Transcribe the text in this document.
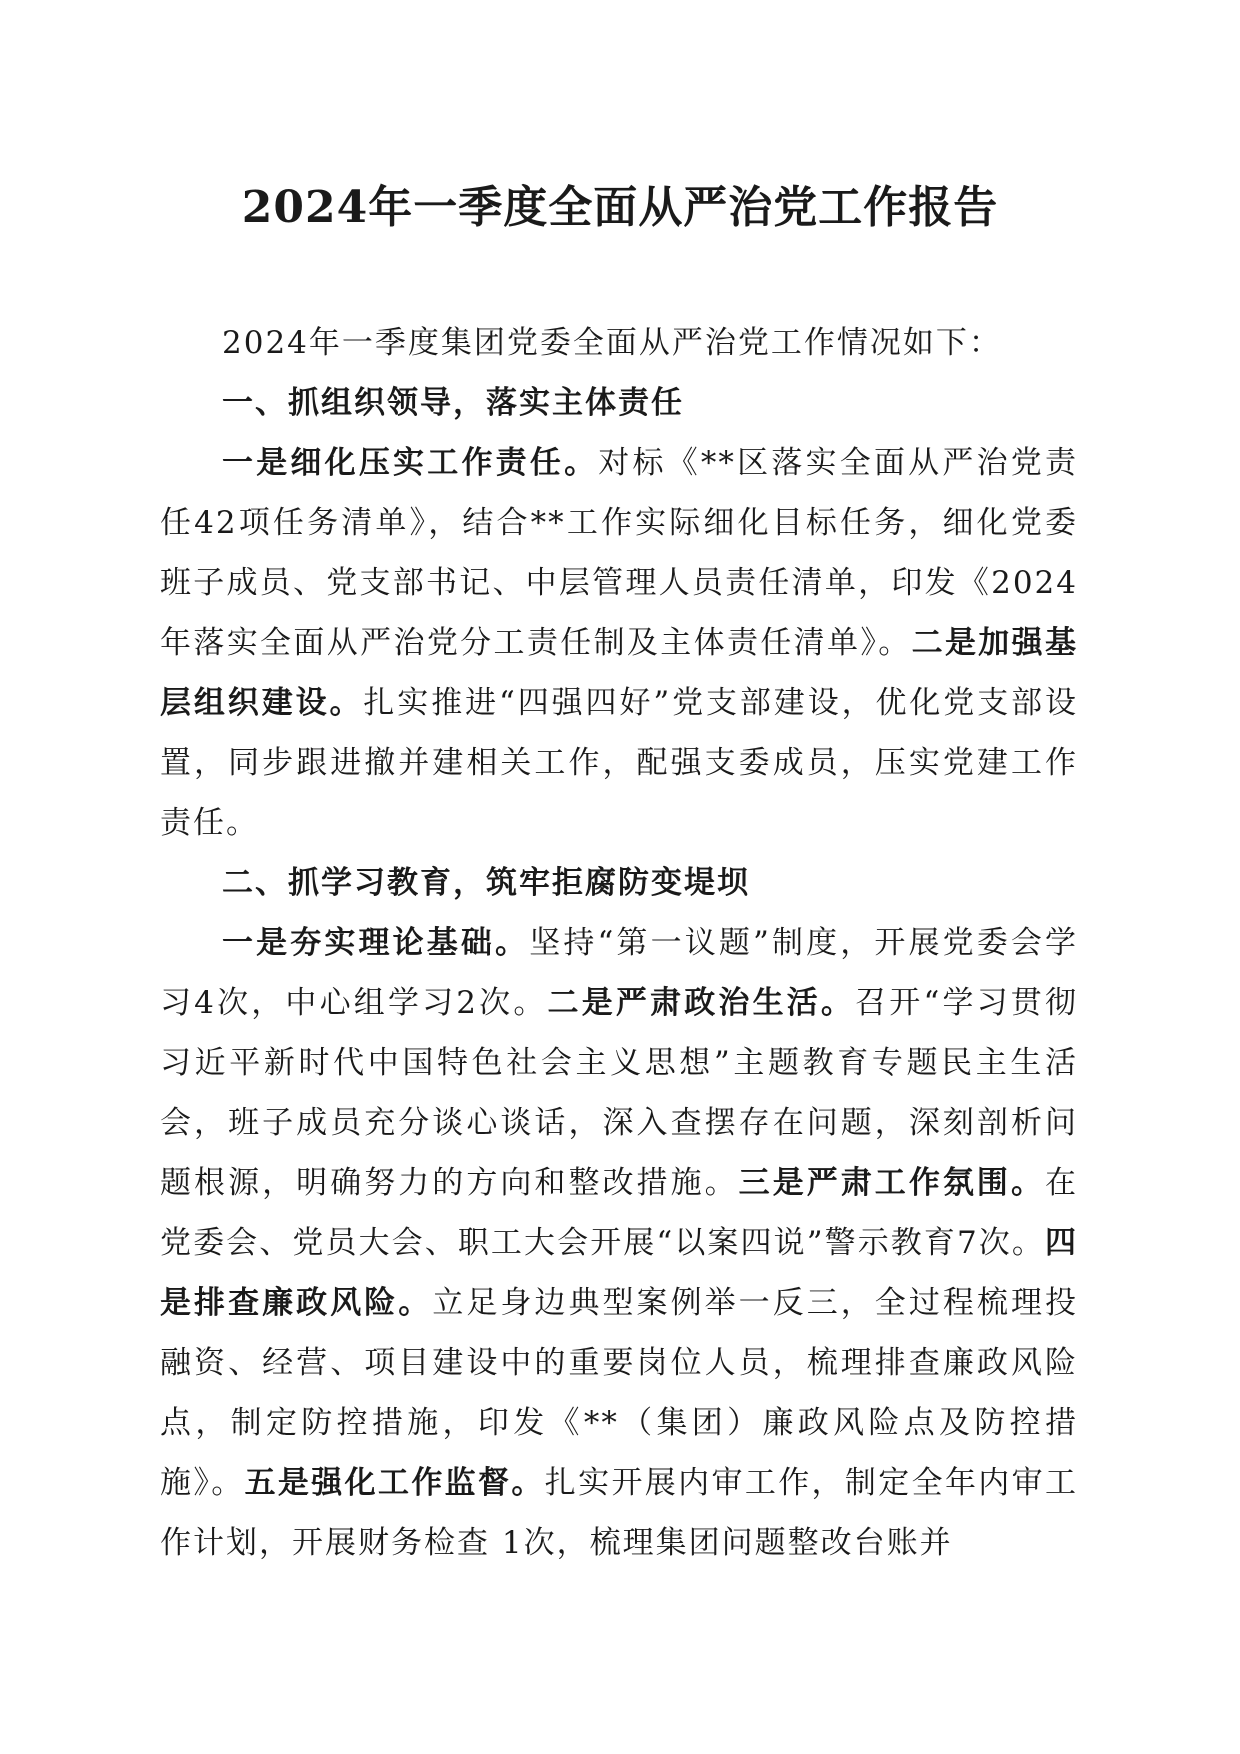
2024年一季度全面从严治党工作报告

2024年一季度集团党委全面从严治党工作情况如下：

一、抓组织领导，落实主体责任

一是细化压实工作责任。对标《**区落实全面从严治党责任42项任务清单》，结合**工作实际细化目标任务，细化党委班子成员、党支部书记、中层管理人员责任清单，印发《2024年落实全面从严治党分工责任制及主体责任清单》。二是加强基层组织建设。扎实推进“四强四好”党支部建设，优化党支部设置，同步跟进撤并建相关工作，配强支委成员，压实党建工作责任。

二、抓学习教育，筑牢拒腐防变堤坝

一是夯实理论基础。坚持“第一议题”制度，开展党委会学习4次，中心组学习2次。二是严肃政治生活。召开“学习贯彻习近平新时代中国特色社会主义思想”主题教育专题民主生活会，班子成员充分谈心谈话，深入查摆存在问题，深刻剖析问题根源，明确努力的方向和整改措施。三是严肃工作氛围。在党委会、党员大会、职工大会开展“以案四说”警示教育7次。四是排查廉政风险。立足身边典型案例举一反三，全过程梳理投融资、经营、项目建设中的重要岗位人员，梳理排查廉政风险点，制定防控措施，印发《**（集团）廉政风险点及防控措施》。五是强化工作监督。扎实开展内审工作，制定全年内审工作计划，开展财务检查 1次，梳理集团问题整改台账并
